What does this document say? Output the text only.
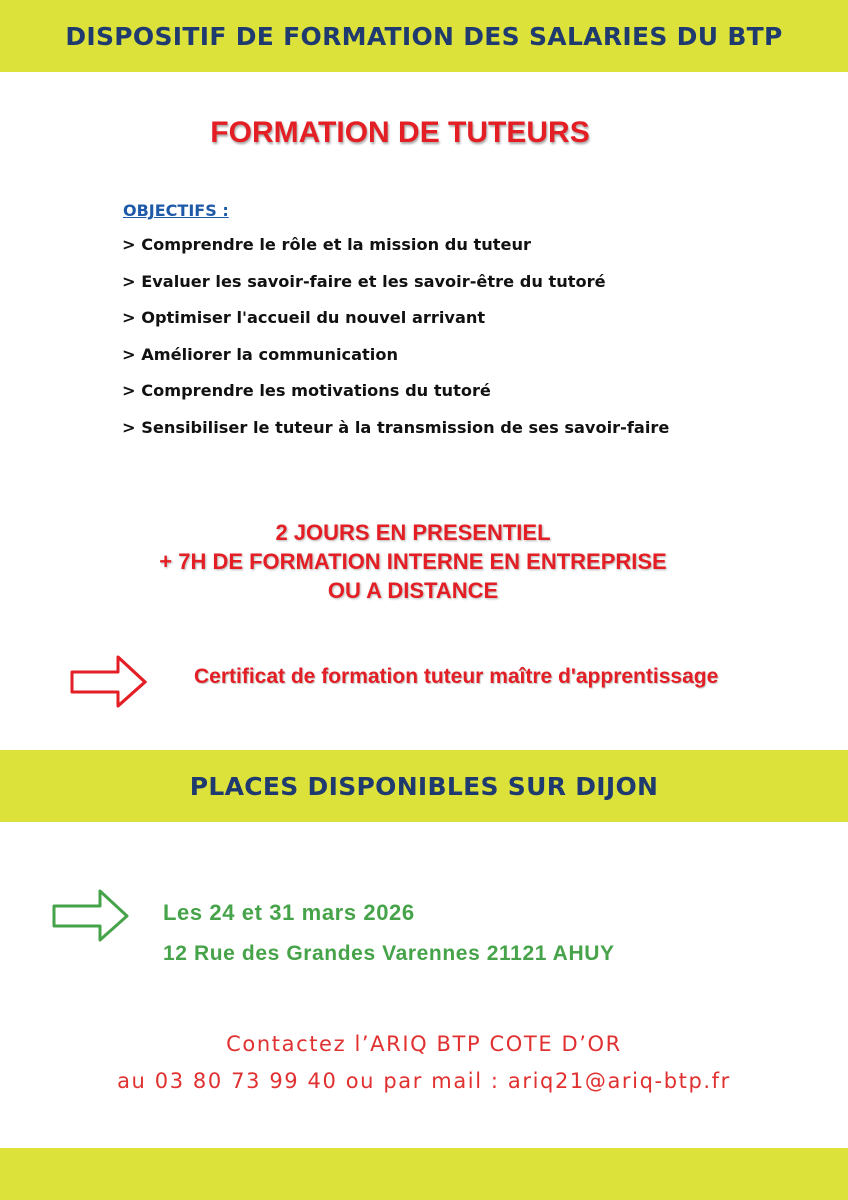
DISPOSITIF DE FORMATION DES SALARIES DU BTP
FORMATION DE TUTEURS
OBJECTIFS :
> Comprendre le rôle et la mission du tuteur
> Evaluer les savoir-faire et les savoir-être du tutoré
> Optimiser l'accueil du nouvel arrivant
> Améliorer la communication
> Comprendre les motivations du tutoré
> Sensibiliser le tuteur à la transmission de ses savoir-faire
2 JOURS EN PRESENTIEL
+ 7H DE FORMATION INTERNE EN ENTREPRISE
OU A DISTANCE
Certificat de formation tuteur maître d'apprentissage
PLACES DISPONIBLES SUR DIJON
Les 24 et 31 mars 2026
12 Rue des Grandes Varennes 21121 AHUY
Contactez l’ARIQ BTP COTE D’OR
au 03 80 73 99 40 ou par mail : ariq21@ariq-btp.fr
